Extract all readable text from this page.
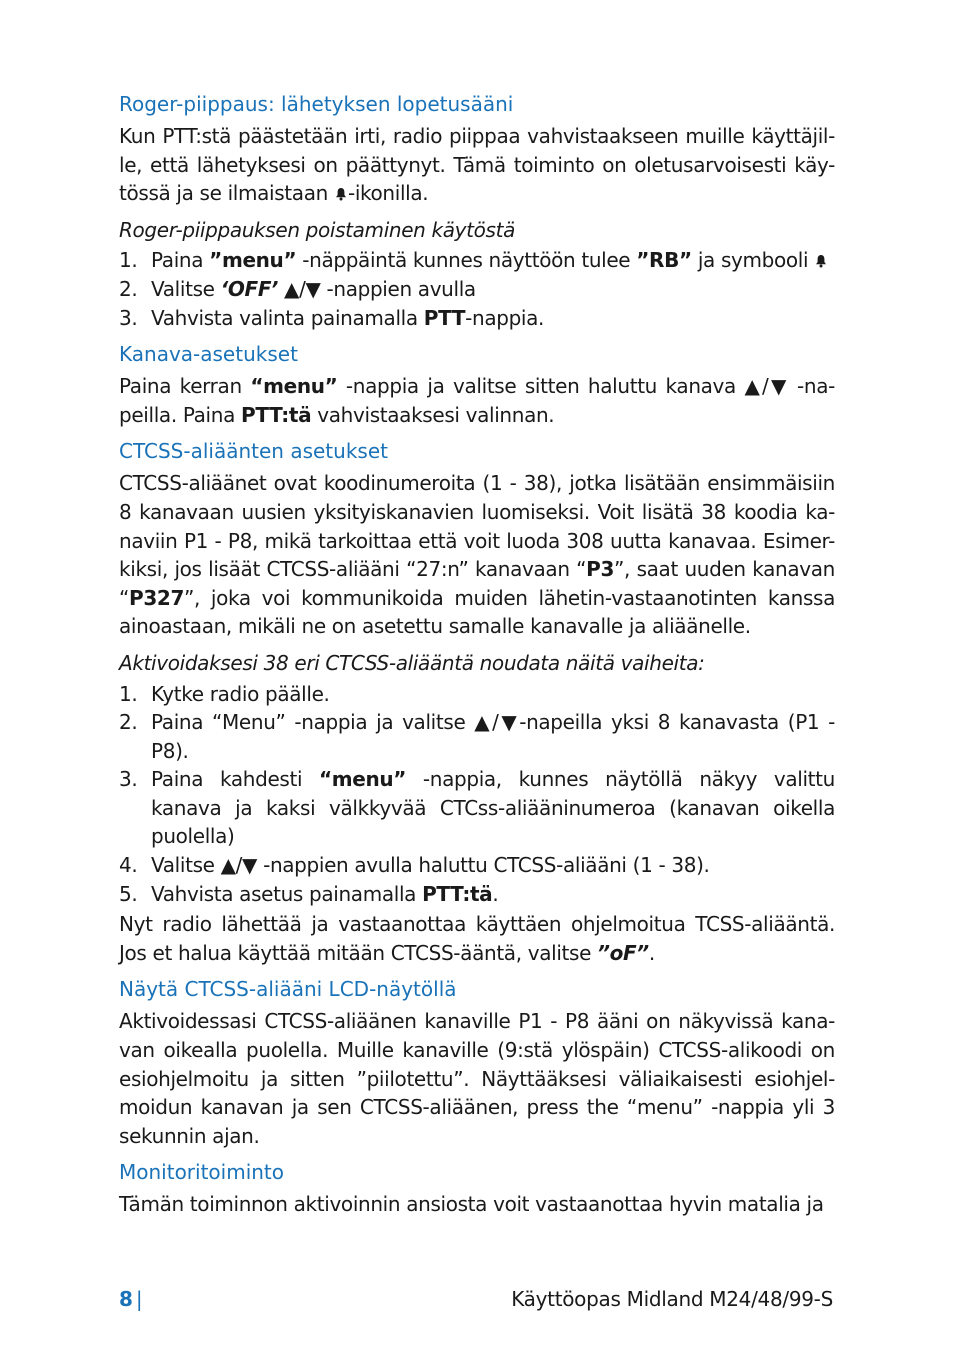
Roger-piippaus: lähetyksen lopetusääni

Kun PTT:stä päästetään irti, radio piippaa vahvistaakseen muille käyttäjil-le, että lähetyksesi on päättynyt. Tämä toiminto on oletusarvoisesti käy-tössä ja se ilmaistaan -ikonilla.

Roger-piippauksen poistaminen käytöstä

1. Paina ”menu” -näppäintä kunnes näyttöön tulee ”RB” ja symbooli
2. Valitse ‘OFF’ ▲/▼ -nappien avulla
3. Vahvista valinta painamalla PTT-nappia.
Kanava-asetukset

Paina kerran “menu” -nappia ja valitse sitten haluttu kanava ▲/▼ -na-peilla. Paina PTT:tä vahvistaaksesi valinnan.

CTCSS-aliäänten asetukset

CTCSS-aliäänet ovat koodinumeroita (1 - 38), jotka lisätään ensimmäisiin 8 kanavaan uusien yksityiskanavien luomiseksi. Voit lisätä 38 koodia ka-naviin P1 - P8, mikä tarkoittaa että voit luoda 308 uutta kanavaa. Esimer-kiksi, jos lisäät CTCSS-aliääni “27:n” kanavaan “P3”, saat uuden kanavan “P327”, joka voi kommunikoida muiden lähetin-vastaanotinten kanssa ainoastaan, mikäli ne on asetettu samalle kanavalle ja aliäänelle.

Aktivoidaksesi 38 eri CTCSS-aliääntä noudata näitä vaiheita:

1. Kytke radio päälle.
2. Paina “Menu” -nappia ja valitse ▲/▼-napeilla yksi 8 kanavasta (P1 - P8).
3. Paina kahdesti “menu” -nappia, kunnes näytöllä näkyy valittu kanava ja kaksi välkkyvää CTCss-aliääninumeroa (kanavan oikella puolella)
4. Valitse ▲/▼ -nappien avulla haluttu CTCSS-aliääni (1 - 38).
5. Vahvista asetus painamalla PTT:tä.

Nyt radio lähettää ja vastaanottaa käyttäen ohjelmoitua TCSS-aliääntä. Jos et halua käyttää mitään CTCSS-ääntä, valitse ”oF”.

Näytä CTCSS-aliääni LCD-näytöllä

Aktivoidessasi CTCSS-aliäänen kanaville P1 - P8 ääni on näkyvissä kana-van oikealla puolella. Muille kanaville (9:stä ylöspäin) CTCSS-alikoodi on esiohjelmoitu ja sitten ”piilotettu”. Näyttääksesi väliaikaisesti esiohjel-moidun kanavan ja sen CTCSS-aliäänen, press the “menu” -nappia yli 3 sekunnin ajan.

Monitoritoiminto

Tämän toiminnon aktivoinnin ansiosta voit vastaanottaa hyvin matalia ja

8 |	Käyttöopas Midland M24/48/99-S
